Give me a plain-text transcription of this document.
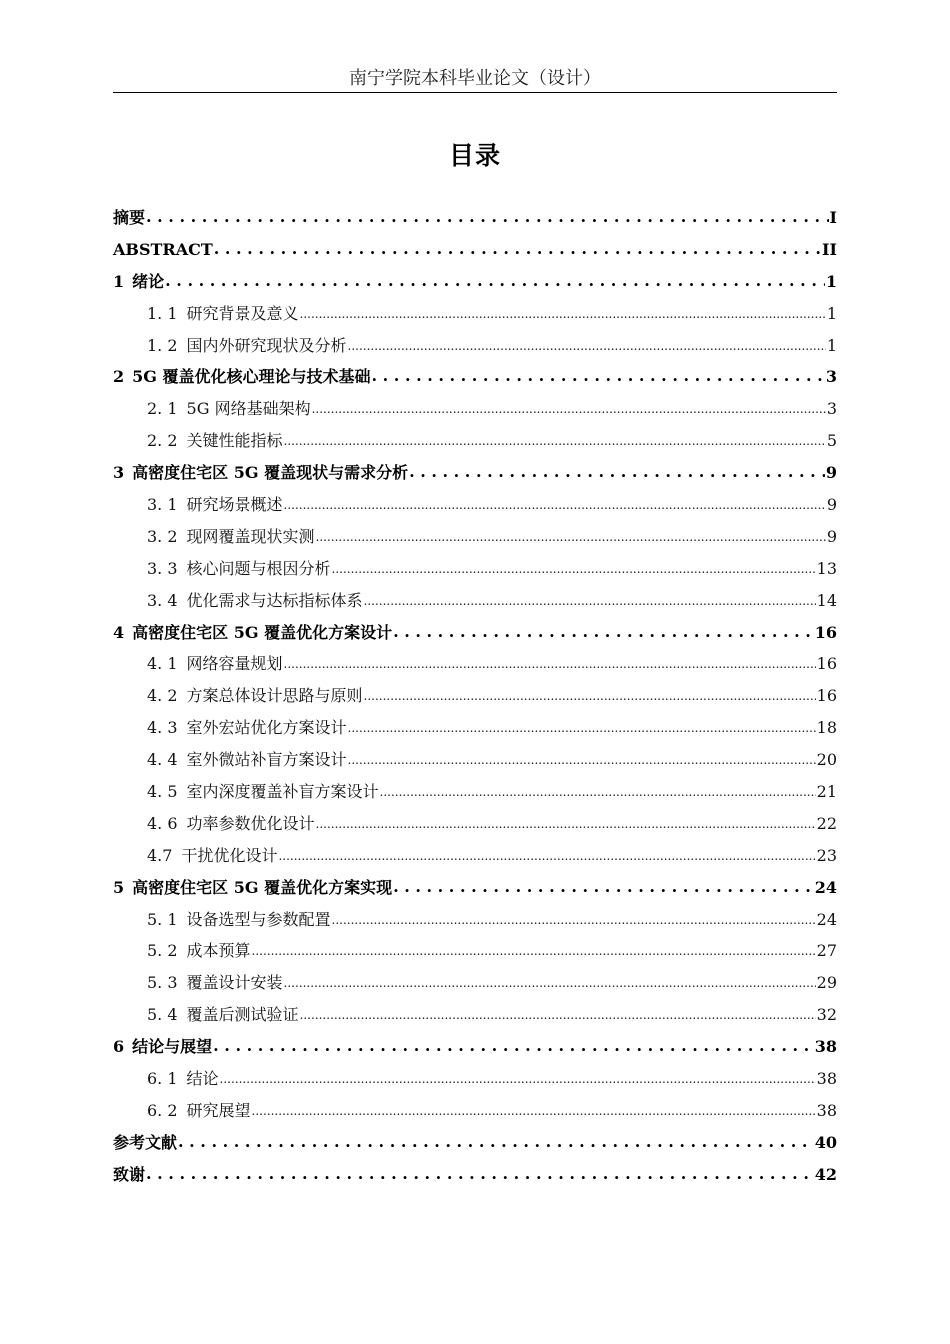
南宁学院本科毕业论文（设计）
目录
摘要 . . .	I
ABSTRACT . . .	II
1 绪论 . . .	1
1. 1 研究背景及意义 .....	1
1. 2 国内外研究现状及分析 .....	1
2 5G 覆盖优化核心理论与技术基础 . . .	3
2. 1 5G 网络基础架构 .....	3
2. 2 关键性能指标 .....	5
3 高密度住宅区 5G 覆盖现状与需求分析 . . .	9
3. 1 研究场景概述 .....	9
3. 2 现网覆盖现状实测 .....	9
3. 3 核心问题与根因分析 .....	13
3. 4 优化需求与达标指标体系 .....	14
4 高密度住宅区 5G 覆盖优化方案设计 . . .	16
4. 1 网络容量规划 .....	16
4. 2 方案总体设计思路与原则 .....	16
4. 3 室外宏站优化方案设计 .....	18
4. 4 室外微站补盲方案设计 .....	20
4. 5 室内深度覆盖补盲方案设计 .....	21
4. 6 功率参数优化设计 .....	22
4.7 干扰优化设计 .....	23
5 高密度住宅区 5G 覆盖优化方案实现 . . .	24
5. 1 设备选型与参数配置 .....	24
5. 2 成本预算 .....	27
5. 3 覆盖设计安装 .....	29
5. 4 覆盖后测试验证 .....	32
6 结论与展望 . . .	38
6. 1 结论 .....	38
6. 2 研究展望 .....	38
参考文献 . . .	40
致谢 . . .	42
